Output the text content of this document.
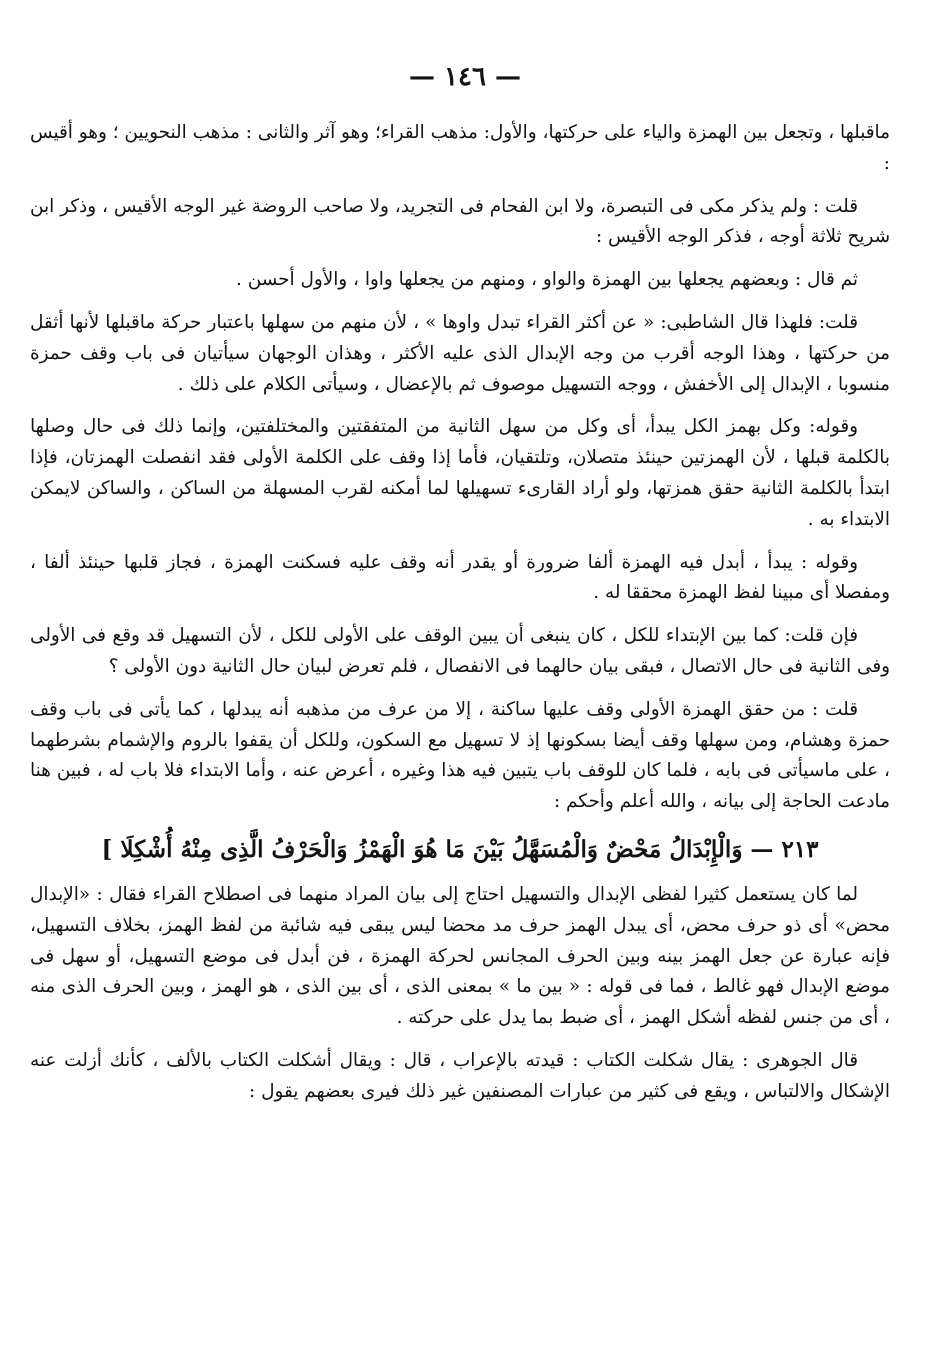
— ١٤٦ —

ماقبلها ، وتجعل بين الهمزة والياء على حركتها، والأول: مذهب القراء؛ وهو آثر والثانى : مذهب النحويين ؛ وهو أقيس :

قلت : ولم يذكر مكى فى التبصرة، ولا ابن الفحام فى التجريد، ولا صاحب الروضة غير الوجه الأقيس ، وذكر ابن شريح ثلاثة أوجه ، فذكر الوجه الأقيس :

ثم قال : وبعضهم يجعلها بين الهمزة والواو ، ومنهم من يجعلها واوا ، والأول أحسن .

قلت: فلهذا قال الشاطبى: « عن أكثر القراء تبدل واوها » ، لأن منهم من سهلها باعتبار حركة ماقبلها لأنها أثقل من حركتها ، وهذا الوجه أقرب من وجه الإبدال الذى عليه الأكثر ، وهذان الوجهان سيأتيان فى باب وقف حمزة منسوبا ، الإبدال إلى الأخفش ، ووجه التسهيل موصوف ثم بالإعضال ، وسيأتى الكلام على ذلك .

وقوله: وكل بهمز الكل يبدأ، أى وكل من سهل الثانية من المتفقتين والمختلفتين، وإنما ذلك فى حال وصلها بالكلمة قبلها ، لأن الهمزتين حينئذ متصلان، وتلتقيان، فأما إذا وقف على الكلمة الأولى فقد انفصلت الهمزتان، فإذا ابتدأ بالكلمة الثانية حقق همزتها، ولو أراد القارىء تسهيلها لما أمكنه لقرب المسهلة من الساكن ، والساكن لايمكن الابتداء به .

وقوله : يبدأ ، أبدل فيه الهمزة ألفا ضرورة أو يقدر أنه وقف عليه فسكنت الهمزة ، فجاز قلبها حينئذ ألفا ، ومفصلا أى مبينا لفظ الهمزة محققا له .

فإن قلت: كما بين الإبتداء للكل ، كان ينبغى أن يبين الوقف على الأولى للكل ، لأن التسهيل قد وقع فى الأولى وفى الثانية فى حال الاتصال ، فبقى بيان حالهما فى الانفصال ، فلم تعرض لبيان حال الثانية دون الأولى ؟

قلت : من حقق الهمزة الأولى وقف عليها ساكنة ، إلا من عرف من مذهبه أنه يبدلها ، كما يأتى فى باب وقف حمزة وهشام، ومن سهلها وقف أيضا بسكونها إذ لا تسهيل مع السكون، وللكل أن يقفوا بالروم والإشمام بشرطهما ، على ماسيأتى فى بابه ، فلما كان للوقف باب يتبين فيه هذا وغيره ، أعرض عنه ، وأما الابتداء فلا باب له ، فبين هنا مادعت الحاجة إلى بيانه ، والله أعلم وأحكم :

٢١٣ — وَالْإِبْدَالُ مَحْضٌ وَالْمُسَهَّلُ بَيْنَ مَا هُوَ الْهَمْزُ وَالْحَرْفُ الَّذِى مِنْهُ أُشْكِلَا ]

لما كان يستعمل كثيرا لفظى الإبدال والتسهيل احتاج إلى بيان المراد منهما فى اصطلاح القراء فقال : «الإبدال محض» أى ذو حرف محض، أى يبدل الهمز حرف مد محضا ليس يبقى فيه شائبة من لفظ الهمز، بخلاف التسهيل، فإنه عبارة عن جعل الهمز بينه وبين الحرف المجانس لحركة الهمزة ، فن أبدل فى موضع التسهيل، أو سهل فى موضع الإبدال فهو غالط ، فما فى قوله : « بين ما » بمعنى الذى ، أى بين الذى ، هو الهمز ، وبين الحرف الذى منه ، أى من جنس لفظه أشكل الهمز ، أى ضبط بما يدل على حركته .

قال الجوهرى : يقال شكلت الكتاب : قيدته بالإعراب ، قال : ويقال أشكلت الكتاب بالألف ، كأنك أزلت عنه الإشكال والالتباس ، ويقع فى كثير من عبارات المصنفين غير ذلك فيرى بعضهم يقول :
